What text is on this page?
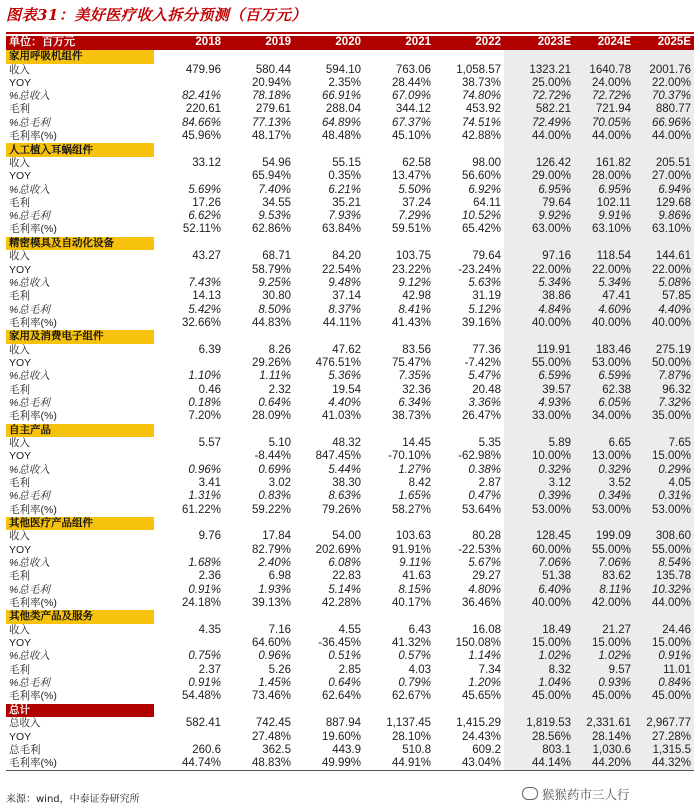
图表31：美好医疗收入拆分预测（百万元）
单位：百万元	2018	2019	2020	2021	2022	2023E	2024E	2025E
家用呼吸机组件								
收入	479.96	580.44	594.10	763.06	1,058.57	1323.21	1640.78	2001.76
YOY		20.94%	2.35%	28.44%	38.73%	25.00%	24.00%	22.00%
%总收入	82.41%	78.18%	66.91%	67.09%	74.80%	72.72%	72.72%	70.37%
毛利	220.61	279.61	288.04	344.12	453.92	582.21	721.94	880.77
%总毛利	84.66%	77.13%	64.89%	67.37%	74.51%	72.49%	70.05%	66.96%
毛利率(%)	45.96%	48.17%	48.48%	45.10%	42.88%	44.00%	44.00%	44.00%
人工植入耳蜗组件								
收入	33.12	54.96	55.15	62.58	98.00	126.42	161.82	205.51
YOY		65.94%	0.35%	13.47%	56.60%	29.00%	28.00%	27.00%
%总收入	5.69%	7.40%	6.21%	5.50%	6.92%	6.95%	6.95%	6.94%
毛利	17.26	34.55	35.21	37.24	64.11	79.64	102.11	129.68
%总毛利	6.62%	9.53%	7.93%	7.29%	10.52%	9.92%	9.91%	9.86%
毛利率(%)	52.11%	62.86%	63.84%	59.51%	65.42%	63.00%	63.10%	63.10%
精密模具及自动化设备								
收入	43.27	68.71	84.20	103.75	79.64	97.16	118.54	144.61
YOY		58.79%	22.54%	23.22%	-23.24%	22.00%	22.00%	22.00%
%总收入	7.43%	9.25%	9.48%	9.12%	5.63%	5.34%	5.34%	5.08%
毛利	14.13	30.80	37.14	42.98	31.19	38.86	47.41	57.85
%总毛利	5.42%	8.50%	8.37%	8.41%	5.12%	4.84%	4.60%	4.40%
毛利率(%)	32.66%	44.83%	44.11%	41.43%	39.16%	40.00%	40.00%	40.00%
家用及消费电子组件								
收入	6.39	8.26	47.62	83.56	77.36	119.91	183.46	275.19
YOY		29.26%	476.51%	75.47%	-7.42%	55.00%	53.00%	50.00%
%总收入	1.10%	1.11%	5.36%	7.35%	5.47%	6.59%	6.59%	7.87%
毛利	0.46	2.32	19.54	32.36	20.48	39.57	62.38	96.32
%总毛利	0.18%	0.64%	4.40%	6.34%	3.36%	4.93%	6.05%	7.32%
毛利率(%)	7.20%	28.09%	41.03%	38.73%	26.47%	33.00%	34.00%	35.00%
自主产品								
收入	5.57	5.10	48.32	14.45	5.35	5.89	6.65	7.65
YOY		-8.44%	847.45%	-70.10%	-62.98%	10.00%	13.00%	15.00%
%总收入	0.96%	0.69%	5.44%	1.27%	0.38%	0.32%	0.32%	0.29%
毛利	3.41	3.02	38.30	8.42	2.87	3.12	3.52	4.05
%总毛利	1.31%	0.83%	8.63%	1.65%	0.47%	0.39%	0.34%	0.31%
毛利率(%)	61.22%	59.22%	79.26%	58.27%	53.64%	53.00%	53.00%	53.00%
其他医疗产品组件								
收入	9.76	17.84	54.00	103.63	80.28	128.45	199.09	308.60
YOY		82.79%	202.69%	91.91%	-22.53%	60.00%	55.00%	55.00%
%总收入	1.68%	2.40%	6.08%	9.11%	5.67%	7.06%	7.06%	8.54%
毛利	2.36	6.98	22.83	41.63	29.27	51.38	83.62	135.78
%总毛利	0.91%	1.93%	5.14%	8.15%	4.80%	6.40%	8.11%	10.32%
毛利率(%)	24.18%	39.13%	42.28%	40.17%	36.46%	40.00%	42.00%	44.00%
其他类产品及服务								
收入	4.35	7.16	4.55	6.43	16.08	18.49	21.27	24.46
YOY		64.60%	-36.45%	41.32%	150.08%	15.00%	15.00%	15.00%
%总收入	0.75%	0.96%	0.51%	0.57%	1.14%	1.02%	1.02%	0.91%
毛利	2.37	5.26	2.85	4.03	7.34	8.32	9.57	11.01
%总毛利	0.91%	1.45%	0.64%	0.79%	1.20%	1.04%	0.93%	0.84%
毛利率(%)	54.48%	73.46%	62.64%	62.67%	45.65%	45.00%	45.00%	45.00%
总计								
总收入	582.41	742.45	887.94	1,137.45	1,415.29	1,819.53	2,331.61	2,967.77
YOY		27.48%	19.60%	28.10%	24.43%	28.56%	28.14%	27.28%
总毛利	260.6	362.5	443.9	510.8	609.2	803.1	1,030.6	1,315.5
毛利率(%)	44.74%	48.83%	49.99%	44.91%	43.04%	44.14%	44.20%	44.32%
来源：wind，中泰证券研究所	猴猴药市三人行
